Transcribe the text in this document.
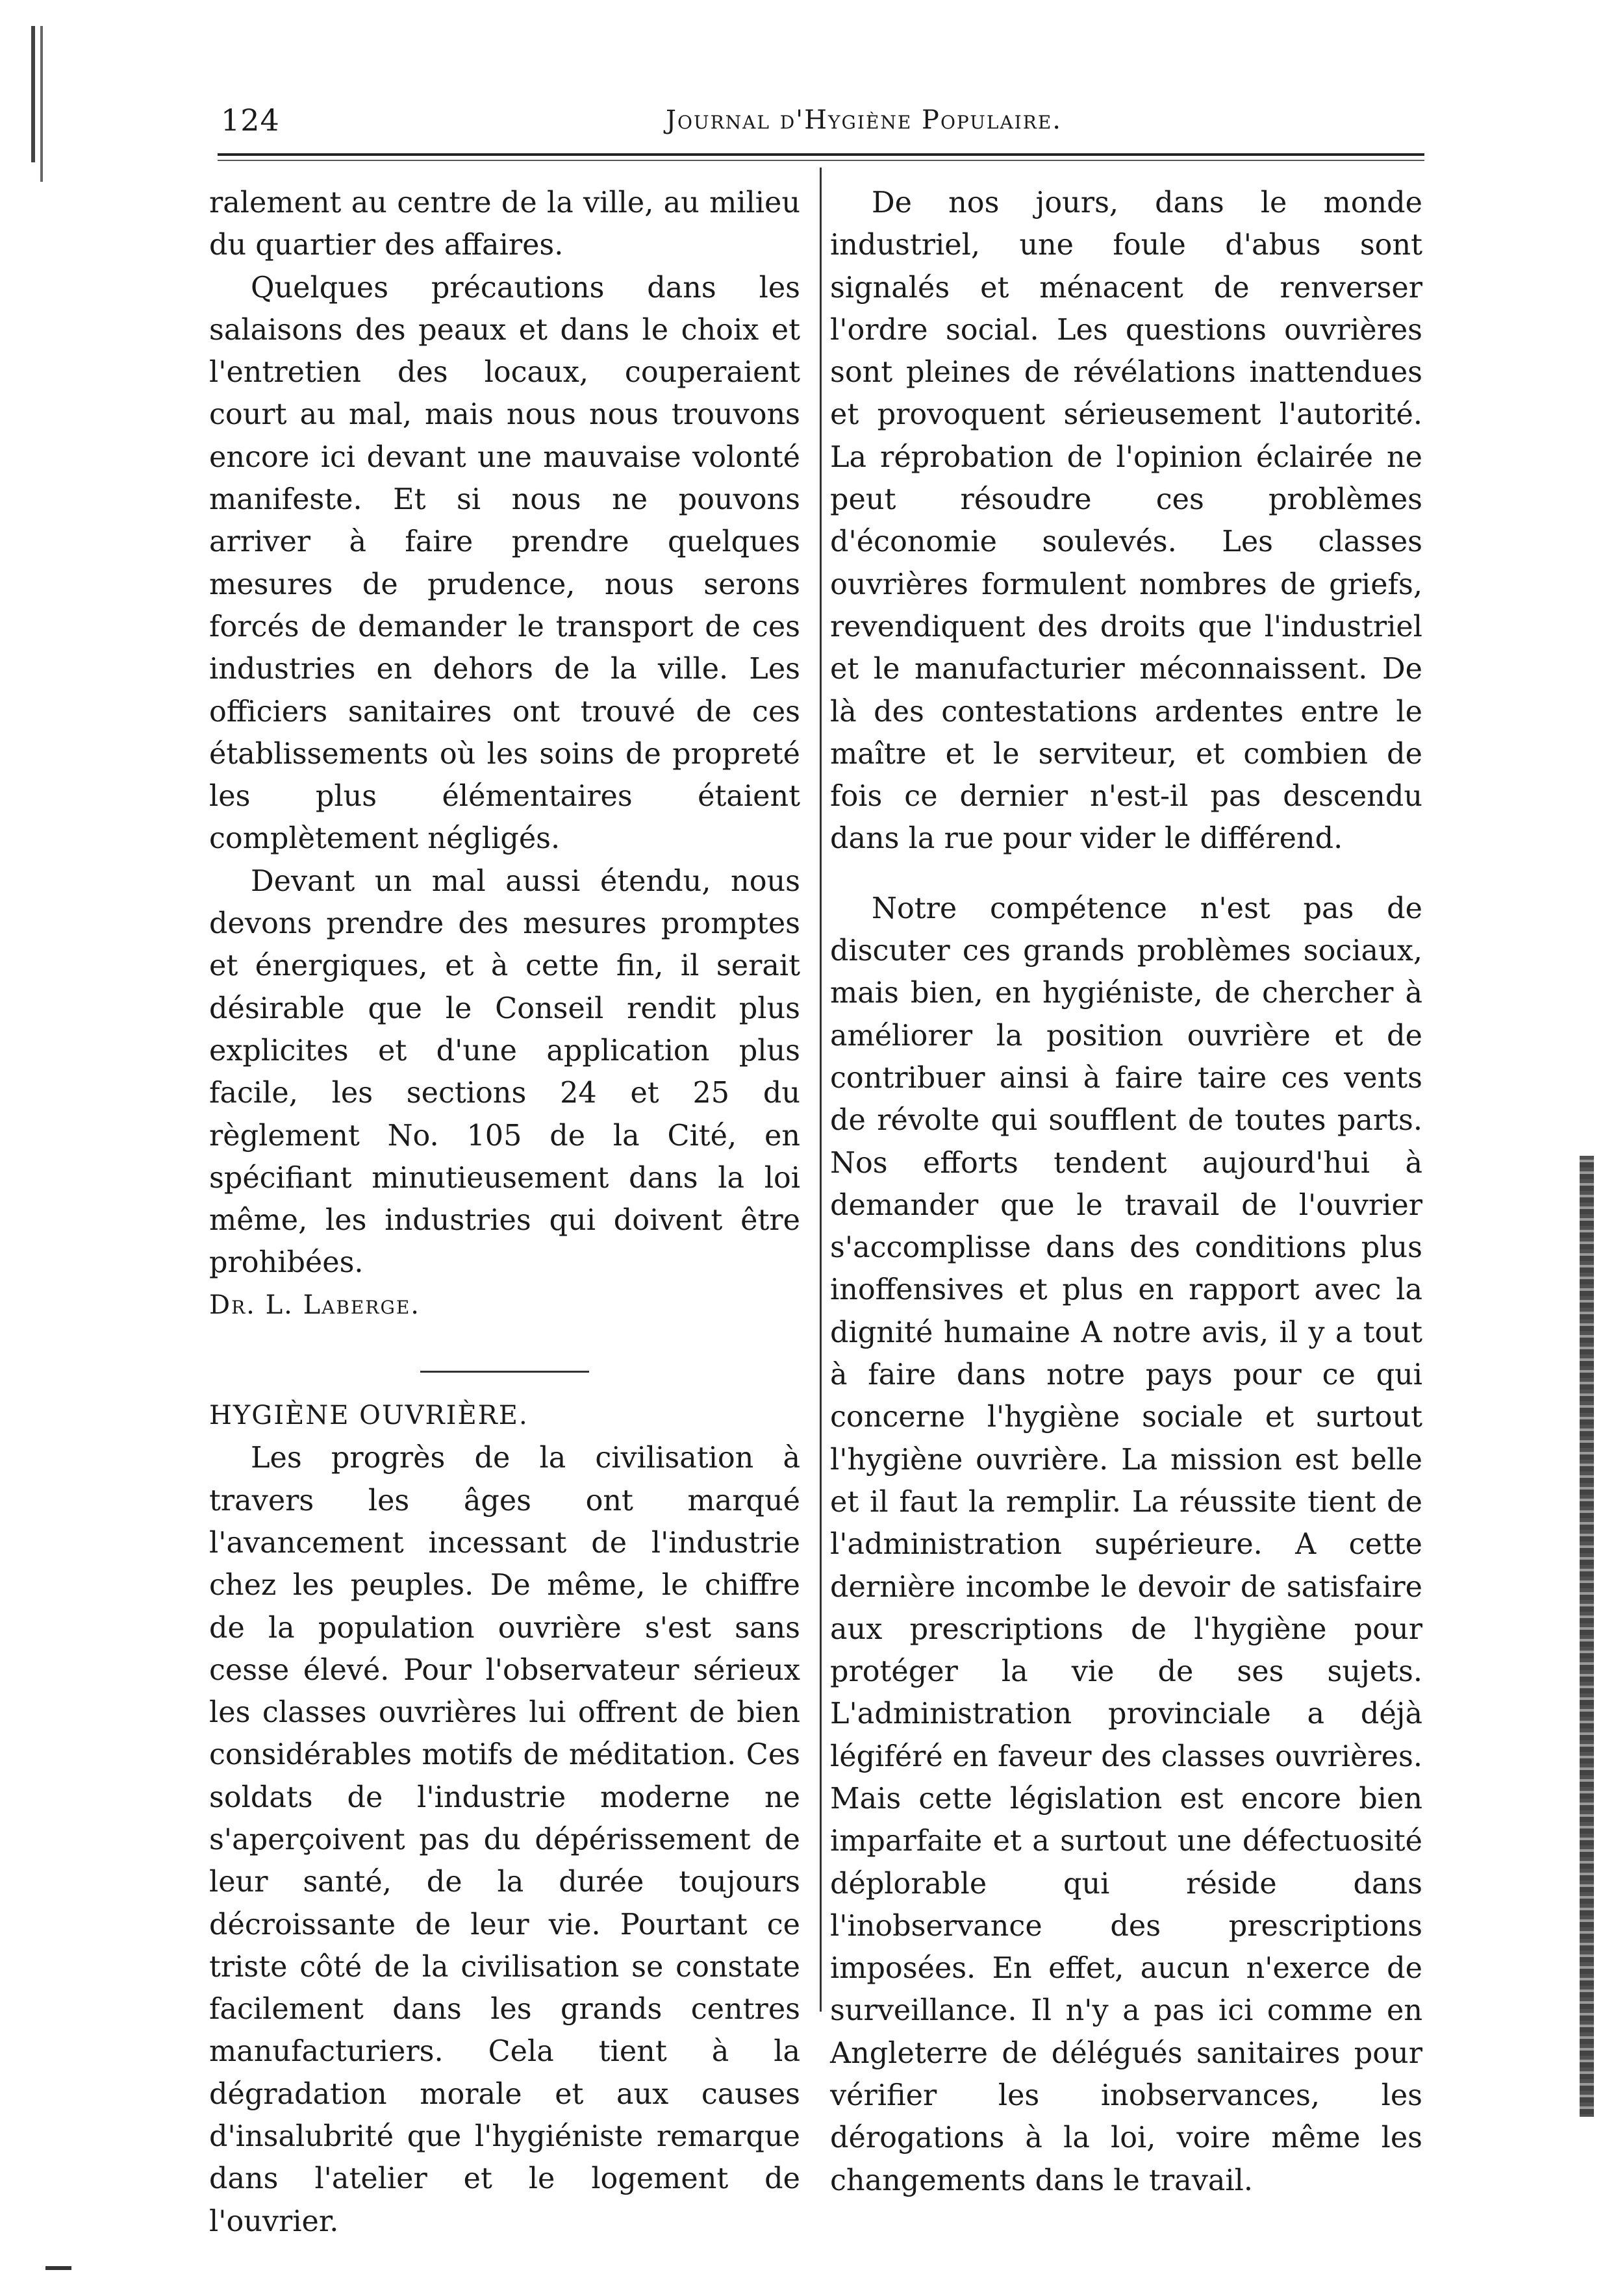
124	Journal d'Hygiène Populaire.

ralement au centre de la ville, au milieu du quartier des affaires.

Quelques précautions dans les salaisons des peaux et dans le choix et l'entretien des locaux, couperaient court au mal, mais nous nous trouvons encore ici devant une mauvaise volonté manifeste. Et si nous ne pouvons arriver à faire prendre quelques mesures de prudence, nous serons forcés de demander le transport de ces industries en dehors de la ville. Les officiers sanitaires ont trouvé de ces établissements où les soins de propreté les plus élémentaires étaient complètement négligés.

Devant un mal aussi étendu, nous devons prendre des mesures promptes et énergiques, et à cette fin, il serait désirable que le Conseil rendit plus explicites et d'une application plus facile, les sections 24 et 25 du règlement No. 105 de la Cité, en spécifiant minutieusement dans la loi même, les industries qui doivent être prohibées.

Dr. L. Laberge.

HYGIÈNE OUVRIÈRE.

Les progrès de la civilisation à travers les âges ont marqué l'avancement incessant de l'industrie chez les peuples. De même, le chiffre de la population ouvrière s'est sans cesse élevé. Pour l'observateur sérieux les classes ouvrières lui offrent de bien considérables motifs de méditation. Ces soldats de l'industrie moderne ne s'aperçoivent pas du dépérissement de leur santé, de la durée toujours décroissante de leur vie. Pourtant ce triste côté de la civilisation se constate facilement dans les grands centres manufacturiers. Cela tient à la dégradation morale et aux causes d'insalubrité que l'hygiéniste remarque dans l'atelier et le logement de l'ouvrier.

De nos jours, dans le monde industriel, une foule d'abus sont signalés et ménacent de renverser l'ordre social. Les questions ouvrières sont pleines de révélations inattendues et provoquent sérieusement l'autorité. La réprobation de l'opinion éclairée ne peut résoudre ces problèmes d'économie soulevés. Les classes ouvrières formulent nombres de griefs, revendiquent des droits que l'industriel et le manufacturier méconnaissent. De là des contestations ardentes entre le maître et le serviteur, et combien de fois ce dernier n'est-il pas descendu dans la rue pour vider le différend.

Notre compétence n'est pas de discuter ces grands problèmes sociaux, mais bien, en hygiéniste, de chercher à améliorer la position ouvrière et de contribuer ainsi à faire taire ces vents de révolte qui soufflent de toutes parts. Nos efforts tendent aujourd'hui à demander que le travail de l'ouvrier s'accomplisse dans des conditions plus inoffensives et plus en rapport avec la dignité humaine A notre avis, il y a tout à faire dans notre pays pour ce qui concerne l'hygiène sociale et surtout l'hygiène ouvrière. La mission est belle et il faut la remplir. La réussite tient de l'administration supérieure. A cette dernière incombe le devoir de satisfaire aux prescriptions de l'hygiène pour protéger la vie de ses sujets. L'administration provinciale a déjà légiféré en faveur des classes ouvrières. Mais cette législation est encore bien imparfaite et a surtout une défectuosité déplorable qui réside dans l'inobservance des prescriptions imposées. En effet, aucun n'exerce de surveillance. Il n'y a pas ici comme en Angleterre de délégués sanitaires pour vérifier les inobservances, les dérogations à la loi, voire même les changements dans le travail.
